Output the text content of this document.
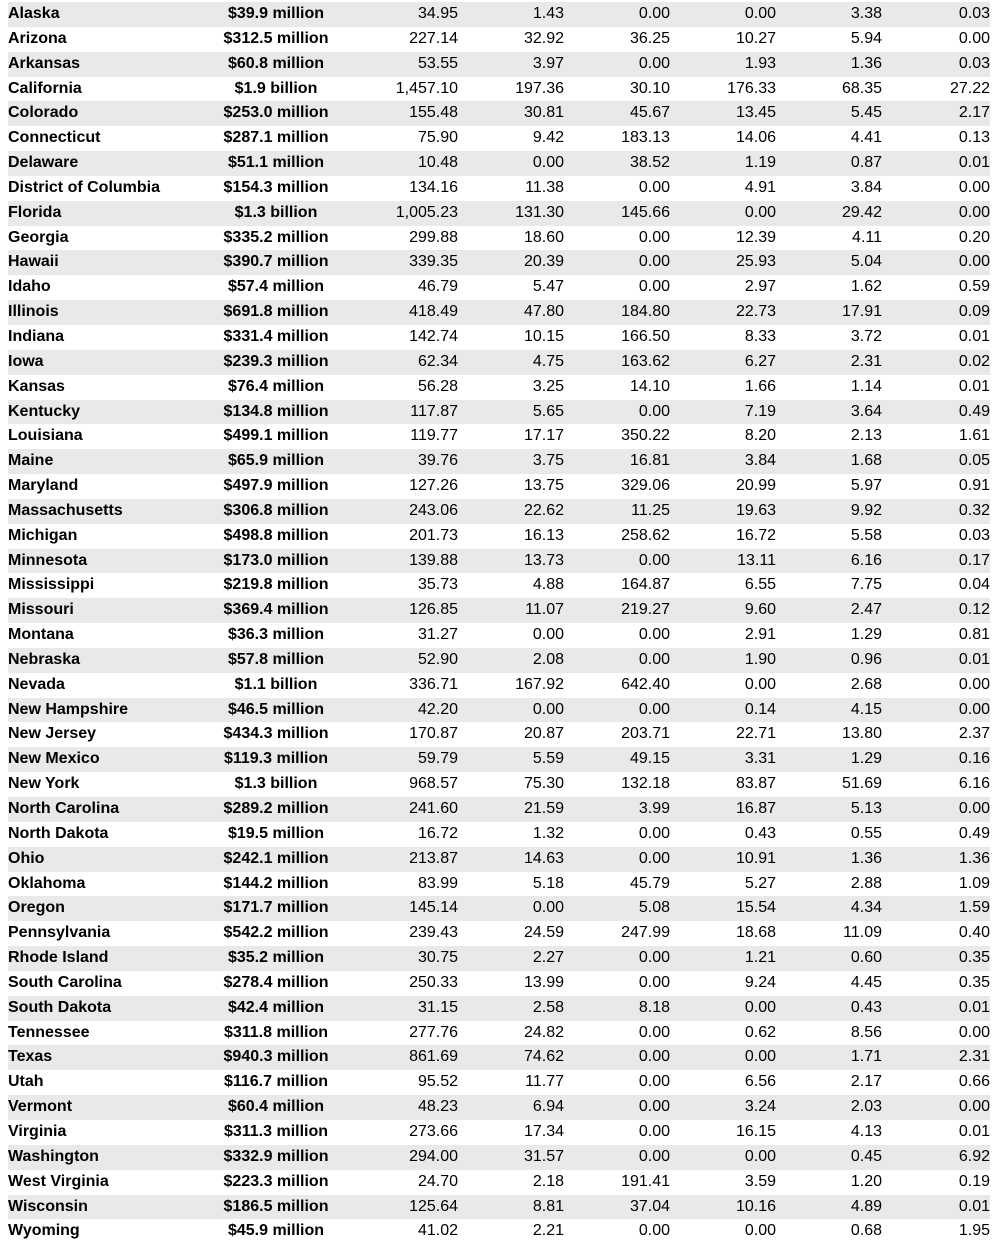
Alaska	$39.9 million	34.95	1.43	0.00	0.00	3.38	0.03
Arizona	$312.5 million	227.14	32.92	36.25	10.27	5.94	0.00
Arkansas	$60.8 million	53.55	3.97	0.00	1.93	1.36	0.03
California	$1.9 billion	1,457.10	197.36	30.10	176.33	68.35	27.22
Colorado	$253.0 million	155.48	30.81	45.67	13.45	5.45	2.17
Connecticut	$287.1 million	75.90	9.42	183.13	14.06	4.41	0.13
Delaware	$51.1 million	10.48	0.00	38.52	1.19	0.87	0.01
District of Columbia	$154.3 million	134.16	11.38	0.00	4.91	3.84	0.00
Florida	$1.3 billion	1,005.23	131.30	145.66	0.00	29.42	0.00
Georgia	$335.2 million	299.88	18.60	0.00	12.39	4.11	0.20
Hawaii	$390.7 million	339.35	20.39	0.00	25.93	5.04	0.00
Idaho	$57.4 million	46.79	5.47	0.00	2.97	1.62	0.59
Illinois	$691.8 million	418.49	47.80	184.80	22.73	17.91	0.09
Indiana	$331.4 million	142.74	10.15	166.50	8.33	3.72	0.01
Iowa	$239.3 million	62.34	4.75	163.62	6.27	2.31	0.02
Kansas	$76.4 million	56.28	3.25	14.10	1.66	1.14	0.01
Kentucky	$134.8 million	117.87	5.65	0.00	7.19	3.64	0.49
Louisiana	$499.1 million	119.77	17.17	350.22	8.20	2.13	1.61
Maine	$65.9 million	39.76	3.75	16.81	3.84	1.68	0.05
Maryland	$497.9 million	127.26	13.75	329.06	20.99	5.97	0.91
Massachusetts	$306.8 million	243.06	22.62	11.25	19.63	9.92	0.32
Michigan	$498.8 million	201.73	16.13	258.62	16.72	5.58	0.03
Minnesota	$173.0 million	139.88	13.73	0.00	13.11	6.16	0.17
Mississippi	$219.8 million	35.73	4.88	164.87	6.55	7.75	0.04
Missouri	$369.4 million	126.85	11.07	219.27	9.60	2.47	0.12
Montana	$36.3 million	31.27	0.00	0.00	2.91	1.29	0.81
Nebraska	$57.8 million	52.90	2.08	0.00	1.90	0.96	0.01
Nevada	$1.1 billion	336.71	167.92	642.40	0.00	2.68	0.00
New Hampshire	$46.5 million	42.20	0.00	0.00	0.14	4.15	0.00
New Jersey	$434.3 million	170.87	20.87	203.71	22.71	13.80	2.37
New Mexico	$119.3 million	59.79	5.59	49.15	3.31	1.29	0.16
New York	$1.3 billion	968.57	75.30	132.18	83.87	51.69	6.16
North Carolina	$289.2 million	241.60	21.59	3.99	16.87	5.13	0.00
North Dakota	$19.5 million	16.72	1.32	0.00	0.43	0.55	0.49
Ohio	$242.1 million	213.87	14.63	0.00	10.91	1.36	1.36
Oklahoma	$144.2 million	83.99	5.18	45.79	5.27	2.88	1.09
Oregon	$171.7 million	145.14	0.00	5.08	15.54	4.34	1.59
Pennsylvania	$542.2 million	239.43	24.59	247.99	18.68	11.09	0.40
Rhode Island	$35.2 million	30.75	2.27	0.00	1.21	0.60	0.35
South Carolina	$278.4 million	250.33	13.99	0.00	9.24	4.45	0.35
South Dakota	$42.4 million	31.15	2.58	8.18	0.00	0.43	0.01
Tennessee	$311.8 million	277.76	24.82	0.00	0.62	8.56	0.00
Texas	$940.3 million	861.69	74.62	0.00	0.00	1.71	2.31
Utah	$116.7 million	95.52	11.77	0.00	6.56	2.17	0.66
Vermont	$60.4 million	48.23	6.94	0.00	3.24	2.03	0.00
Virginia	$311.3 million	273.66	17.34	0.00	16.15	4.13	0.01
Washington	$332.9 million	294.00	31.57	0.00	0.00	0.45	6.92
West Virginia	$223.3 million	24.70	2.18	191.41	3.59	1.20	0.19
Wisconsin	$186.5 million	125.64	8.81	37.04	10.16	4.89	0.01
Wyoming	$45.9 million	41.02	2.21	0.00	0.00	0.68	1.95
